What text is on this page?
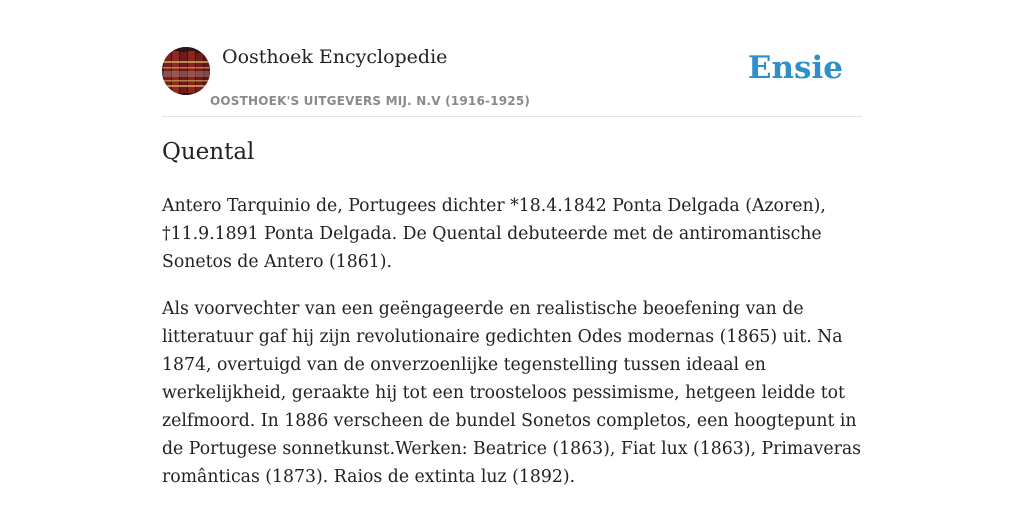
Oosthoek Encyclopedie
OOSTHOEK'S UITGEVERS MIJ. N.V (1916-1925)
Ensie
Quental

Antero Tarquinio de, Portugees dichter *18.4.1842 Ponta Delgada (Azoren), †11.9.1891 Ponta Delgada. De Quental debuteerde met de antiromantische Sonetos de Antero (1861).

Als voorvechter van een geëngageerde en realistische beoefening van de litteratuur gaf hij zijn revolutionaire gedichten Odes modernas (1865) uit. Na 1874, overtuigd van de onverzoenlijke tegenstelling tussen ideaal en werkelijkheid, geraakte hij tot een troosteloos pessimisme, hetgeen leidde tot zelfmoord. In 1886 verscheen de bundel Sonetos completos, een hoogtepunt in de Portugese sonnetkunst.Werken: Beatrice (1863), Fiat lux (1863), Primaveras românticas (1873). Raios de extinta luz (1892).
